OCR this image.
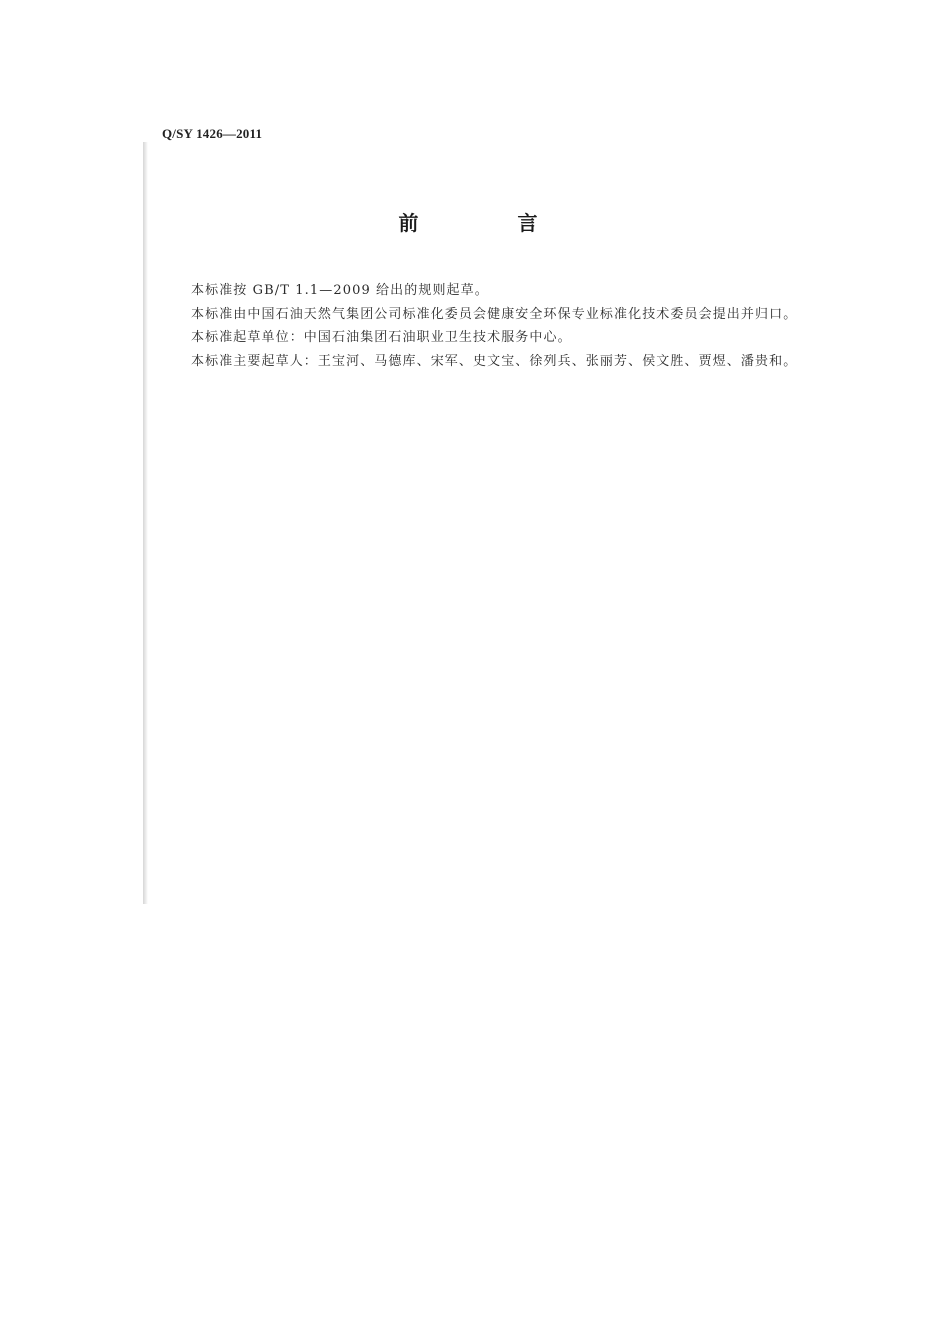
Q/SY 1426—2011
前 言

本标准按 GB/T 1.1—2009 给出的规则起草。

本标准由中国石油天然气集团公司标准化委员会健康安全环保专业标准化技术委员会提出并归口。

本标准起草单位：中国石油集团石油职业卫生技术服务中心。

本标准主要起草人：王宝河、马德库、宋军、史文宝、徐列兵、张丽芳、侯文胜、贾煜、潘贵和。
